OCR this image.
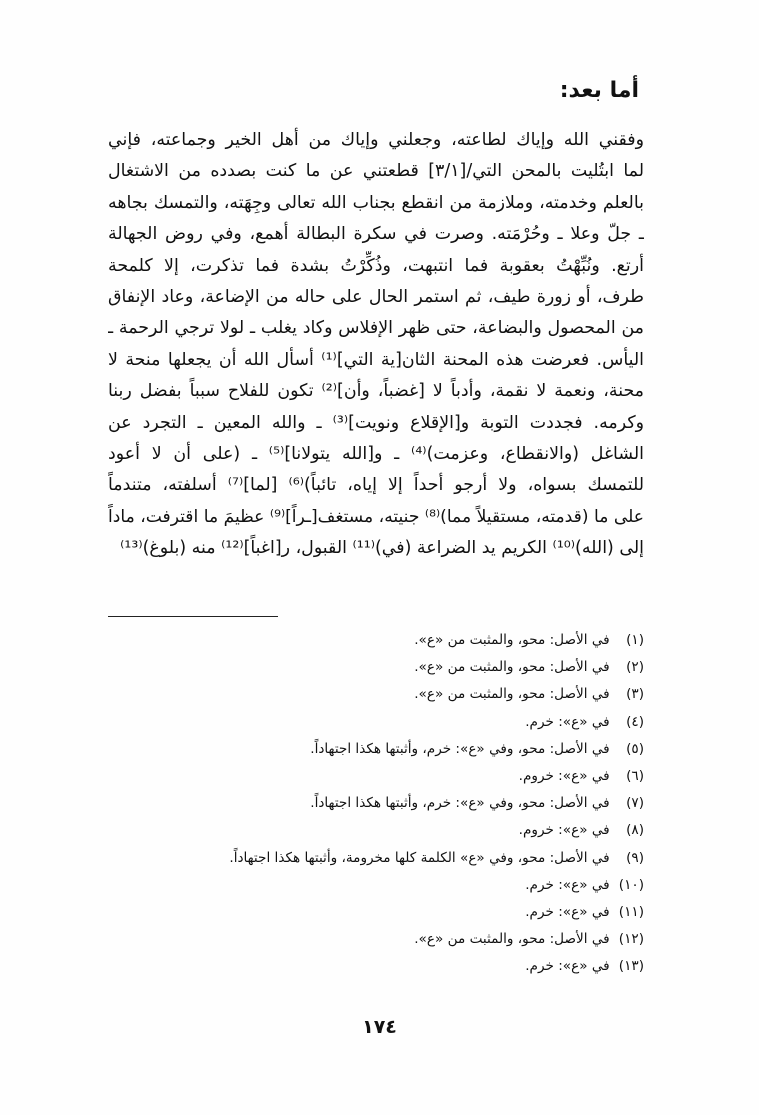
أما بعد:
وفقني الله وإياك لطاعته، وجعلني وإياك من أهل الخير وجماعته، فإني
لما ابتُليت بالمحن التي/[٣/١] قطعتني عن ما كنت بصدده من الاشتغال
بالعلم وخدمته، وملازمة من انقطع بجناب الله تعالى وجِهَته، والتمسك بجاهه
ـ جلّ وعلا ـ وحُرْمَته. وصرت في سكرة البطالة أهمع، وفي روض الجهالة
أرتع. ونُبِّهْتُ بعقوبة فما انتبهت، وذُكِّرْتُ بشدة فما تذكرت، إلا كلمحة
طرف، أو زورة طيف، ثم استمر الحال على حاله من الإضاعة، وعاد الإنفاق
من المحصول والبضاعة، حتى ظهر الإفلاس وكاد يغلب ـ لولا ترجي الرحمة ـ
اليأس. فعرضت هذه المحنة الثان[ية التي]⁽¹⁾ أسأل الله أن يجعلها منحة لا
محنة، ونعمة لا نقمة، وأدباً لا [غضباً، وأن]⁽²⁾ تكون للفلاح سبباً بفضل ربنا
وكرمه. فجددت التوبة و[الإقلاع ونويت]⁽³⁾ ـ والله المعين ـ التجرد عن
الشاغل (والانقطاع، وعزمت)⁽⁴⁾ ـ و[الله يتولانا]⁽⁵⁾ ـ (على أن لا أعود
للتمسك بسواه، ولا أرجو أحداً إلا إياه، تائباً)⁽⁶⁾ [لما]⁽⁷⁾ أسلفته، متندماً
على ما (قدمته، مستقيلاً مما)⁽⁸⁾ جنيته، مستغف[ـراً]⁽⁹⁾ عظيمَ ما اقترفت، ماداً
إلى (الله)⁽¹⁰⁾ الكريم يد الضراعة (في)⁽¹¹⁾ القبول، ر[اغباً]⁽¹²⁾ منه (بلوغ)⁽¹³⁾
(١) في الأصل: محو، والمثبت من «ع».
(٢) في الأصل: محو، والمثبت من «ع».
(٣) في الأصل: محو، والمثبت من «ع».
(٤) في «ع»: خرم.
(٥) في الأصل: محو، وفي «ع»: خرم، وأثبتها هكذا اجتهاداً.
(٦) في «ع»: خروم.
(٧) في الأصل: محو، وفي «ع»: خرم، وأثبتها هكذا اجتهاداً.
(٨) في «ع»: خروم.
(٩) في الأصل: محو، وفي «ع» الكلمة كلها مخرومة، وأثبتها هكذا اجتهاداً.
(١٠) في «ع»: خرم.
(١١) في «ع»: خرم.
(١٢) في الأصل: محو، والمثبت من «ع».
(١٣) في «ع»: خرم.
١٧٤
